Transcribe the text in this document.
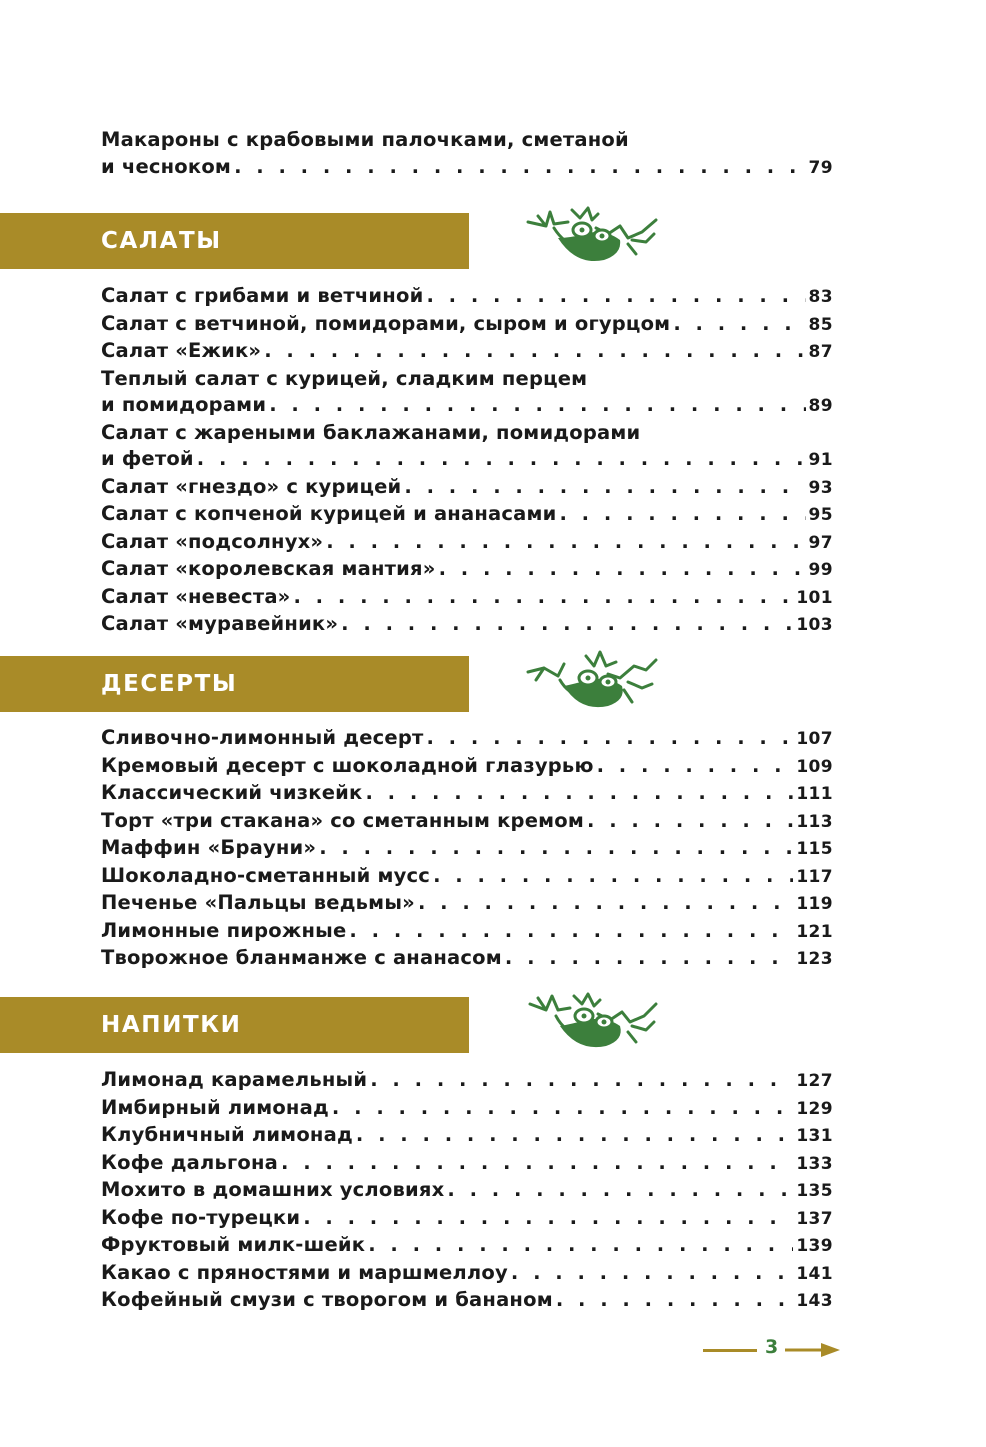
Макароны с крабовыми палочками, сметаной
и чесноком . . .	79
САЛАТЫ
Салат с грибами и ветчиной . . .	83
Салат с ветчиной, помидорами, сыром и огурцом . . .	85
Салат «Ежик» . . .	87
Теплый салат с курицей, сладким перцем
и помидорами . . .	89
Салат с жареными баклажанами, помидорами
и фетой . . .	91
Салат «гнездо» с курицей . . .	93
Салат с копченой курицей и ананасами . . .	95
Салат «подсолнух» . . .	97
Салат «королевская мантия» . . .	99
Салат «невеста» . . .	101
Салат «муравейник» . . .	103
ДЕСЕРТЫ
Сливочно-лимонный десерт . . .	107
Кремовый десерт с шоколадной глазурью . . .	109
Классический чизкейк . . .	111
Торт «три стакана» со сметанным кремом . . .	113
Маффин «Брауни» . . .	115
Шоколадно-сметанный мусс . . .	117
Печенье «Пальцы ведьмы» . . .	119
Лимонные пирожные . . .	121
Творожное бланманже с ананасом . . .	123
НАПИТКИ
Лимонад карамельный . . .	127
Имбирный лимонад . . .	129
Клубничный лимонад . . .	131
Кофе дальгона . . .	133
Мохито в домашних условиях . . .	135
Кофе по-турецки . . .	137
Фруктовый милк-шейк . . .	139
Какао с пряностями и маршмеллоу . . .	141
Кофейный смузи с творогом и бананом . . .	143
3
